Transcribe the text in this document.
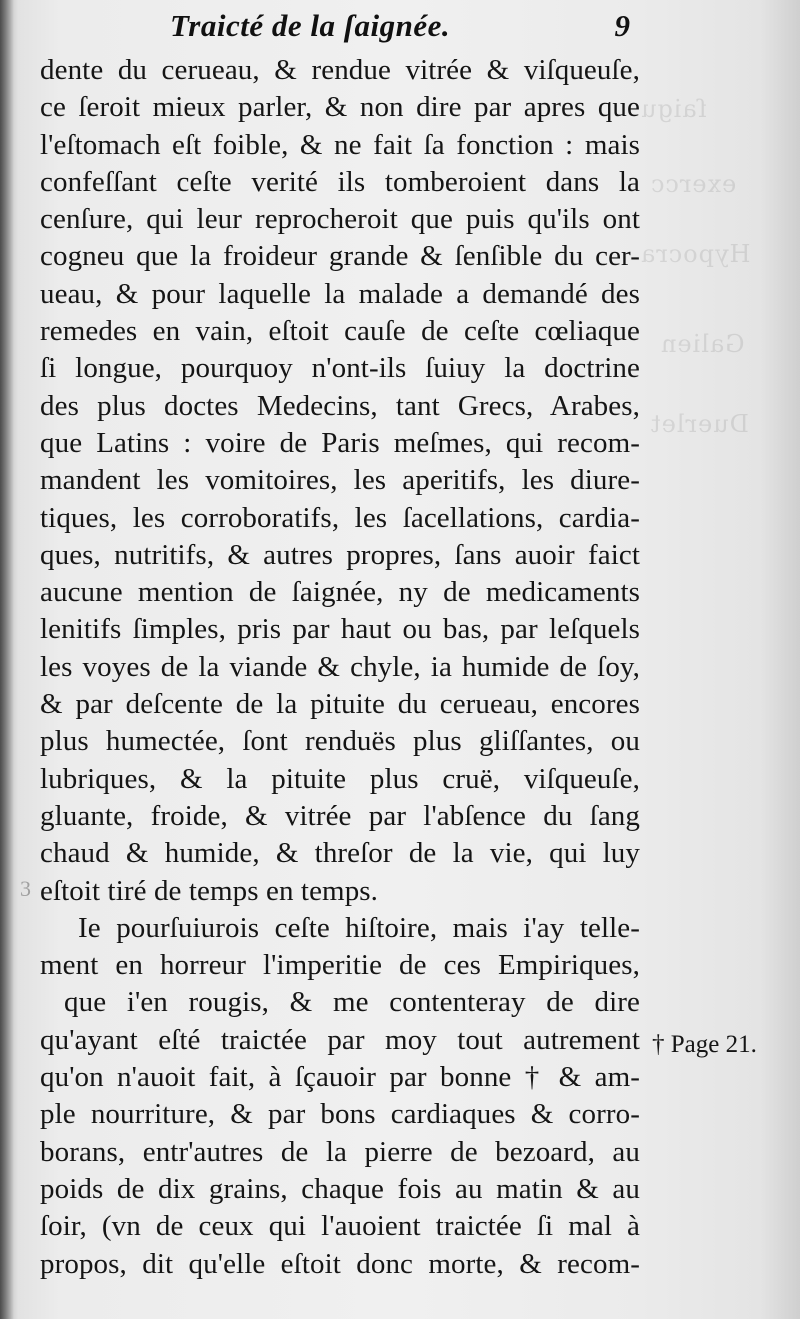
ſaigu
exercc
Hypocra
Galien
Duerlet
Traicté de la ſaignée.	9
dente du cerueau, & rendue vitrée & viſqueuſe,
ce ſeroit mieux parler, & non dire par apres que
l'eſtomach eſt foible, & ne fait ſa fonction : mais
confeſſant ceſte verité ils tomberoient dans la
cenſure, qui leur reprocheroit que puis qu'ils ont
cogneu que la froideur grande & ſenſible du cer-
ueau, & pour laquelle la malade a demandé des
remedes en vain, eſtoit cauſe de ceſte cœliaque
ſi longue, pourquoy n'ont-ils ſuiuy la doctrine
des plus doctes Medecins, tant Grecs, Arabes,
que Latins : voire de Paris meſmes, qui recom-
mandent les vomitoires, les aperitifs, les diure-
tiques, les corroboratifs, les ſacellations, cardia-
ques, nutritifs, & autres propres, ſans auoir faict
aucune mention de ſaignée, ny de medicaments
lenitifs ſimples, pris par haut ou bas, par leſquels
les voyes de la viande & chyle, ia humide de ſoy,
& par deſcente de la pituite du cerueau, encores
plus humectée, ſont renduës plus gliſſantes, ou
lubriques, & la pituite plus cruë, viſqueuſe,
gluante, froide, & vitrée par l'abſence du ſang
chaud & humide, & threſor de la vie, qui luy
eſtoit tiré de temps en temps.
Ie pourſuiurois ceſte hiſtoire, mais i'ay telle-
ment en horreur l'imperitie de ces Empiriques,
que i'en rougis, & me contenteray de dire
qu'ayant eſté traictée par moy tout autrement
qu'on n'auoit fait, à ſçauoir par bonne † & am-
ple nourriture, & par bons cardiaques & corro-
borans, entr'autres de la pierre de bezoard, au
poids de dix grains, chaque fois au matin & au
ſoir, (vn de ceux qui l'auoient traictée ſi mal à
propos, dit qu'elle eſtoit donc morte, & recom-
3
† Page 21.
